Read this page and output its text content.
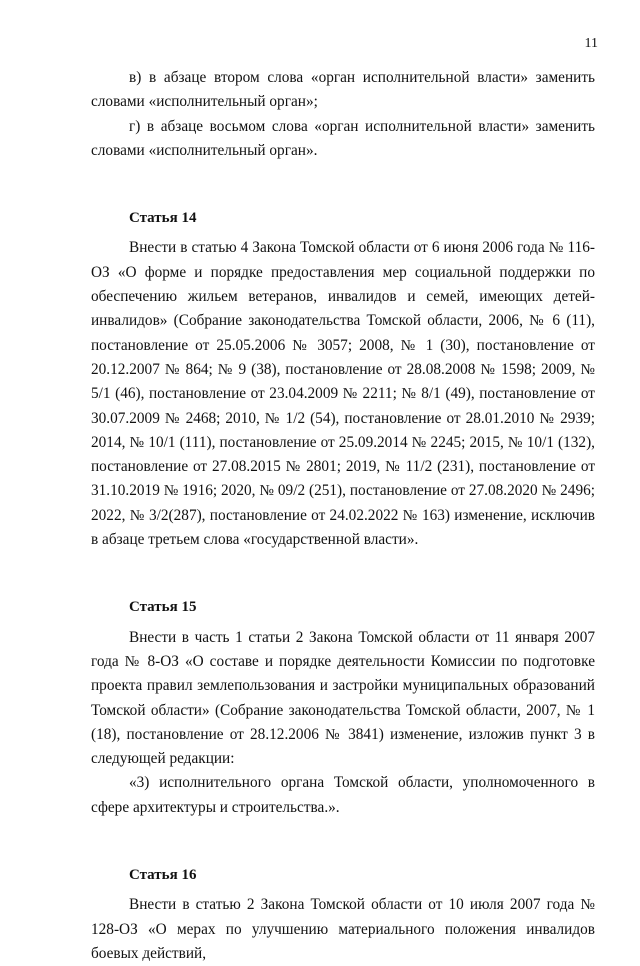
11

в) в абзаце втором слова «орган исполнительной власти» заменить словами «исполнительный орган»;

г) в абзаце восьмом слова «орган исполнительной власти» заменить словами «исполнительный орган».

Статья 14

Внести в статью 4 Закона Томской области от 6 июня 2006 года № 116-ОЗ «О форме и порядке предоставления мер социальной поддержки по обеспечению жильем ветеранов, инвалидов и семей, имеющих детей-инвалидов» (Собрание законодательства Томской области, 2006, № 6 (11), постановление от 25.05.2006 № 3057; 2008, № 1 (30), постановление от 20.12.2007 № 864; № 9 (38), постановление от 28.08.2008 № 1598; 2009, № 5/1 (46), постановление от 23.04.2009 № 2211; № 8/1 (49), постановление от 30.07.2009 № 2468; 2010, № 1/2 (54), постановление от 28.01.2010 № 2939; 2014, № 10/1 (111), постановление от 25.09.2014 № 2245; 2015, № 10/1 (132), постановление от 27.08.2015 № 2801; 2019, № 11/2 (231), постановление от 31.10.2019 № 1916; 2020, № 09/2 (251), постановление от 27.08.2020 № 2496; 2022, № 3/2(287), постановление от 24.02.2022 № 163) изменение, исключив в абзаце третьем слова «государственной власти».

Статья 15

Внести в часть 1 статьи 2 Закона Томской области от 11 января 2007 года № 8-ОЗ «О составе и порядке деятельности Комиссии по подготовке проекта правил землепользования и застройки муниципальных образований Томской области» (Собрание законодательства Томской области, 2007, № 1 (18), постановление от 28.12.2006 № 3841) изменение, изложив пункт 3 в следующей редакции:

«3) исполнительного органа Томской области, уполномоченного в сфере архитектуры и строительства.».

Статья 16

Внести в статью 2 Закона Томской области от 10 июля 2007 года № 128-ОЗ «О мерах по улучшению материального положения инвалидов боевых действий,
